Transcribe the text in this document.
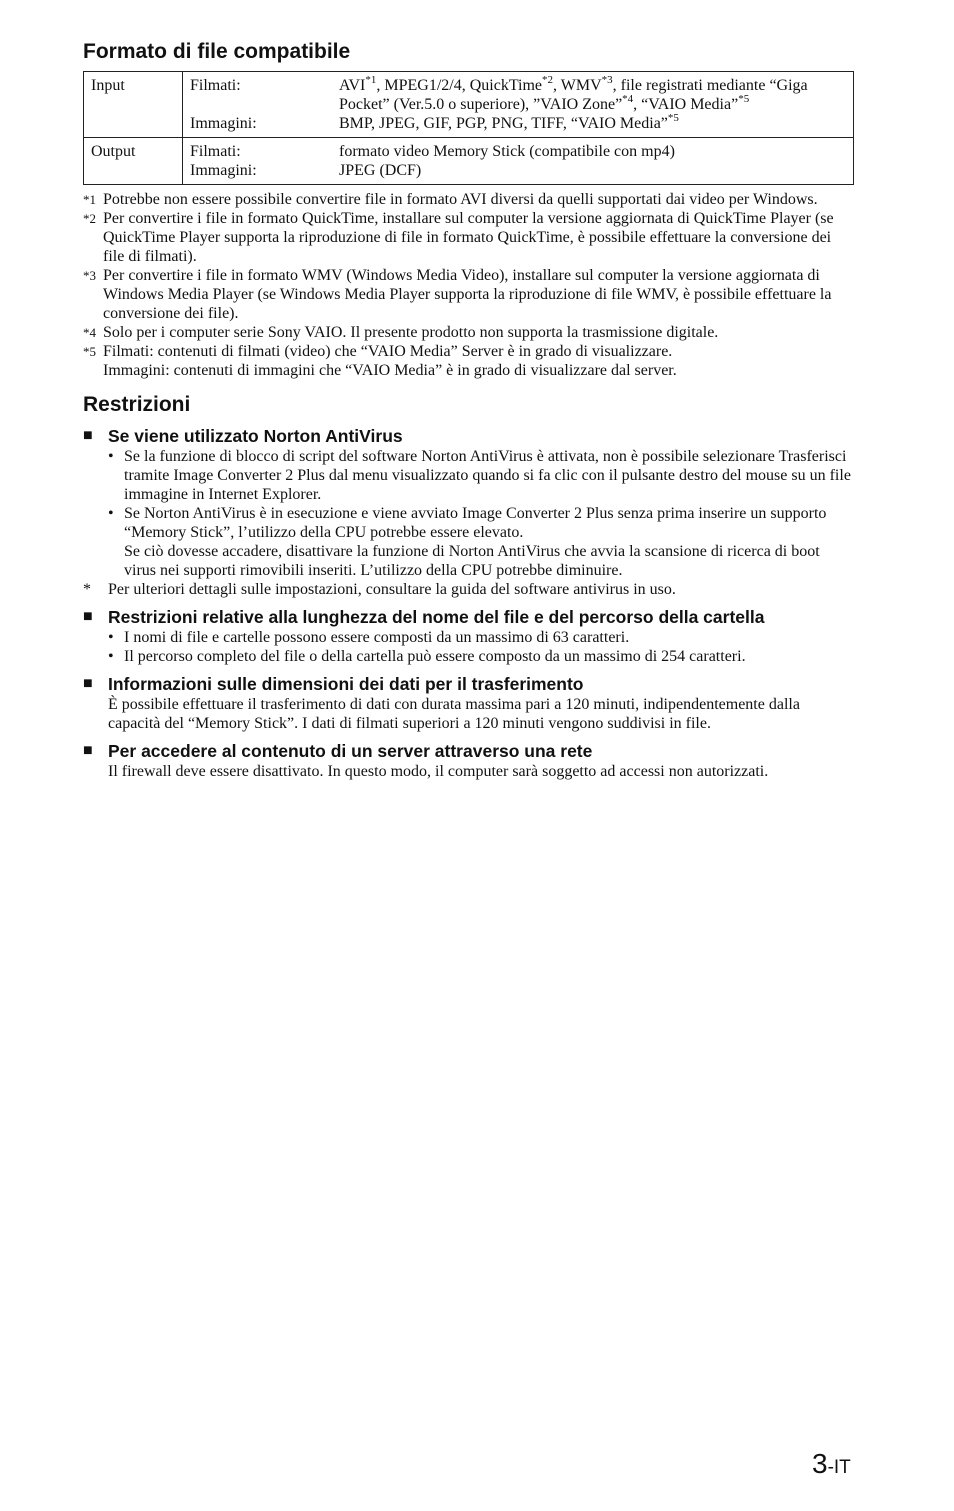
Formato di file compatibile
Input	Filmati: AVI$^{*1}$, MPEG1/2/4, QuickTime$^{*2}$, WMV$^{*3}$, file registrati mediante “Giga Pocket” (Ver.5.0 o superiore), ”VAIO Zone”$^{*4}$, “VAIO Media”$^{*5}$
Immagini: BMP, JPEG, GIF, PGP, PNG, TIFF, “VAIO Media”$^{*5}$

Output	Filmati: formato video Memory Stick (compatibile con mp4)
Immagini: JPEG (DCF)
*1 Potrebbe non essere possibile convertire file in formato AVI diversi da quelli supportati dai video per Windows.
*2 Per convertire i file in formato QuickTime, installare sul computer la versione aggiornata di QuickTime Player (se QuickTime Player supporta la riproduzione di file in formato QuickTime, è possibile effettuare la conversione dei file di filmati).
*3 Per convertire i file in formato WMV (Windows Media Video), installare sul computer la versione aggiornata di Windows Media Player (se Windows Media Player supporta la riproduzione di file WMV, è possibile effettuare la conversione dei file).
*4 Solo per i computer serie Sony VAIO. Il presente prodotto non supporta la trasmissione digitale.
*5 Filmati: contenuti di filmati (video) che “VAIO Media” Server è in grado di visualizzare.
Immagini: contenuti di immagini che “VAIO Media” è in grado di visualizzare dal server.
Restrizioni
■ Se viene utilizzato Norton AntiVirus
• Se la funzione di blocco di script del software Norton AntiVirus è attivata, non è possibile selezionare Trasferisci tramite Image Converter 2 Plus dal menu visualizzato quando si fa clic con il pulsante destro del mouse su un file immagine in Internet Explorer.
• Se Norton AntiVirus è in esecuzione e viene avviato Image Converter 2 Plus senza prima inserire un supporto “Memory Stick”, l’utilizzo della CPU potrebbe essere elevato.
Se ciò dovesse accadere, disattivare la funzione di Norton AntiVirus che avvia la scansione di ricerca di boot virus nei supporti rimovibili inseriti. L’utilizzo della CPU potrebbe diminuire.
*	Per ulteriori dettagli sulle impostazioni, consultare la guida del software antivirus in uso.
■ Restrizioni relative alla lunghezza del nome del file e del percorso della cartella
• I nomi di file e cartelle possono essere composti da un massimo di 63 caratteri.
• Il percorso completo del file o della cartella può essere composto da un massimo di 254 caratteri.
■ Informazioni sulle dimensioni dei dati per il trasferimento
È possibile effettuare il trasferimento di dati con durata massima pari a 120 minuti, indipendentemente dalla capacità del “Memory Stick”. I dati di filmati superiori a 120 minuti vengono suddivisi in file.
■ Per accedere al contenuto di un server attraverso una rete
Il firewall deve essere disattivato. In questo modo, il computer sarà soggetto ad accessi non autorizzati.
3-IT
